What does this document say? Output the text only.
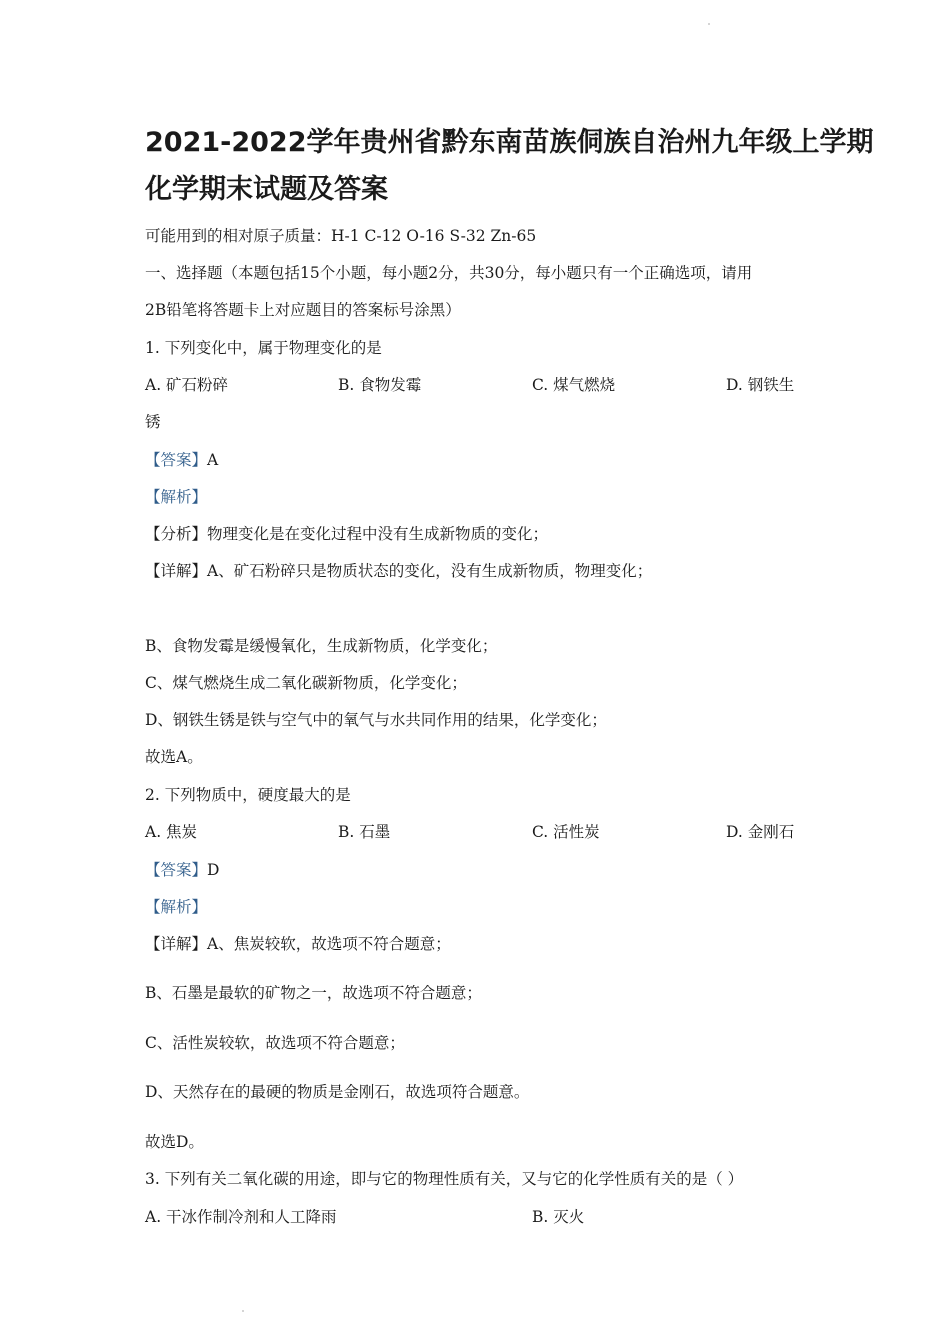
2021-2022学年贵州省黔东南苗族侗族自治州九年级上学期
化学期末试题及答案
可能用到的相对原子质量：H-1 C-12 O-16 S-32 Zn-65
一、选择题（本题包括15个小题，每小题2分，共30分，每小题只有一个正确选项，请用
2B铅笔将答题卡上对应题目的答案标号涂黑）
1. 下列变化中，属于物理变化的是
A. 矿石粉碎	B. 食物发霉	C. 煤气燃烧	D. 钢铁生
锈
【答案】A
【解析】
【分析】物理变化是在变化过程中没有生成新物质的变化；
【详解】A、矿石粉碎只是物质状态的变化，没有生成新物质，物理变化；
B、食物发霉是缓慢氧化，生成新物质，化学变化；
C、煤气燃烧生成二氧化碳新物质，化学变化；
D、钢铁生锈是铁与空气中的氧气与水共同作用的结果，化学变化；
故选A。
2. 下列物质中，硬度最大的是
A. 焦炭	B. 石墨	C. 活性炭	D. 金刚石
【答案】D
【解析】
【详解】A、焦炭较软，故选项不符合题意；
B、石墨是最软的矿物之一，故选项不符合题意；
C、活性炭较软，故选项不符合题意；
D、天然存在的最硬的物质是金刚石，故选项符合题意。
故选D。
3. 下列有关二氧化碳的用途，即与它的物理性质有关，又与它的化学性质有关的是（ ）
A. 干冰作制冷剂和人工降雨	B. 灭火
